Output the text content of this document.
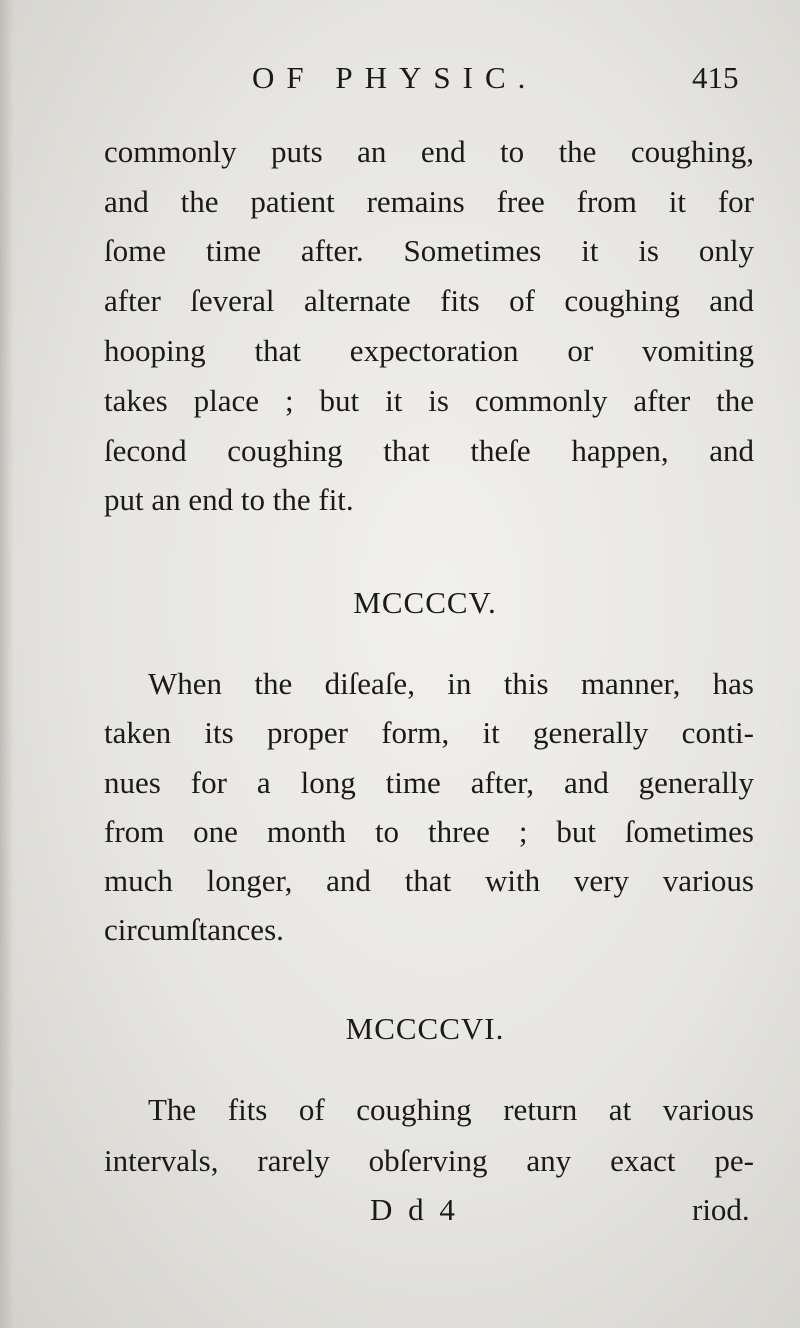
OF PHYSIC.	415
commonly puts an end to the coughing,
and the patient remains free from it for
ſome time after. Sometimes it is only
after ſeveral alternate fits of coughing and
hooping that expectoration or vomiting
takes place ; but it is commonly after the
ſecond coughing that theſe happen, and
put an end to the fit.
MCCCCV.
When the diſeaſe, in this manner, has
taken its proper form, it generally conti-
nues for a long time after, and generally
from one month to three ; but ſometimes
much longer, and that with very various
circumſtances.
MCCCCVI.
The fits of coughing return at various
intervals, rarely obſerving any exact pe-
D d 4	riod.
